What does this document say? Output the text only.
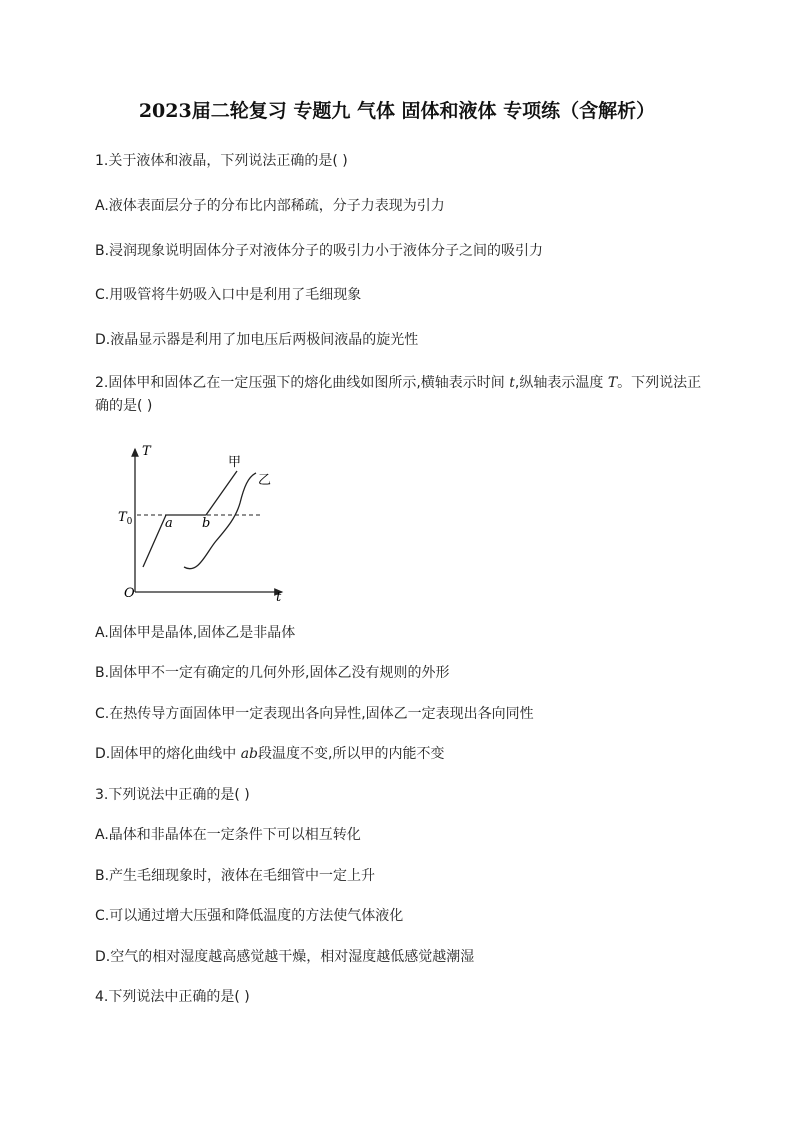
2023届二轮复习 专题九 气体 固体和液体 专项练（含解析）
1.关于液体和液晶，下列说法正确的是( )
A.液体表面层分子的分布比内部稀疏，分子力表现为引力
B.浸润现象说明固体分子对液体分子的吸引力小于液体分子之间的吸引力
C.用吸管将牛奶吸入口中是利用了毛细现象
D.液晶显示器是利用了加电压后两极间液晶的旋光性
2.固体甲和固体乙在一定压强下的熔化曲线如图所示,横轴表示时间 t,纵轴表示温度 T。下列说法正确的是( )
T
t
O
$T_0$	a b
甲
乙
A.固体甲是晶体,固体乙是非晶体
B.固体甲不一定有确定的几何外形,固体乙没有规则的外形
C.在热传导方面固体甲一定表现出各向异性,固体乙一定表现出各向同性
D.固体甲的熔化曲线中 ab段温度不变,所以甲的内能不变
3.下列说法中正确的是( )
A.晶体和非晶体在一定条件下可以相互转化
B.产生毛细现象时，液体在毛细管中一定上升
C.可以通过增大压强和降低温度的方法使气体液化
D.空气的相对湿度越高感觉越干燥，相对湿度越低感觉越潮湿
4.下列说法中正确的是( )
